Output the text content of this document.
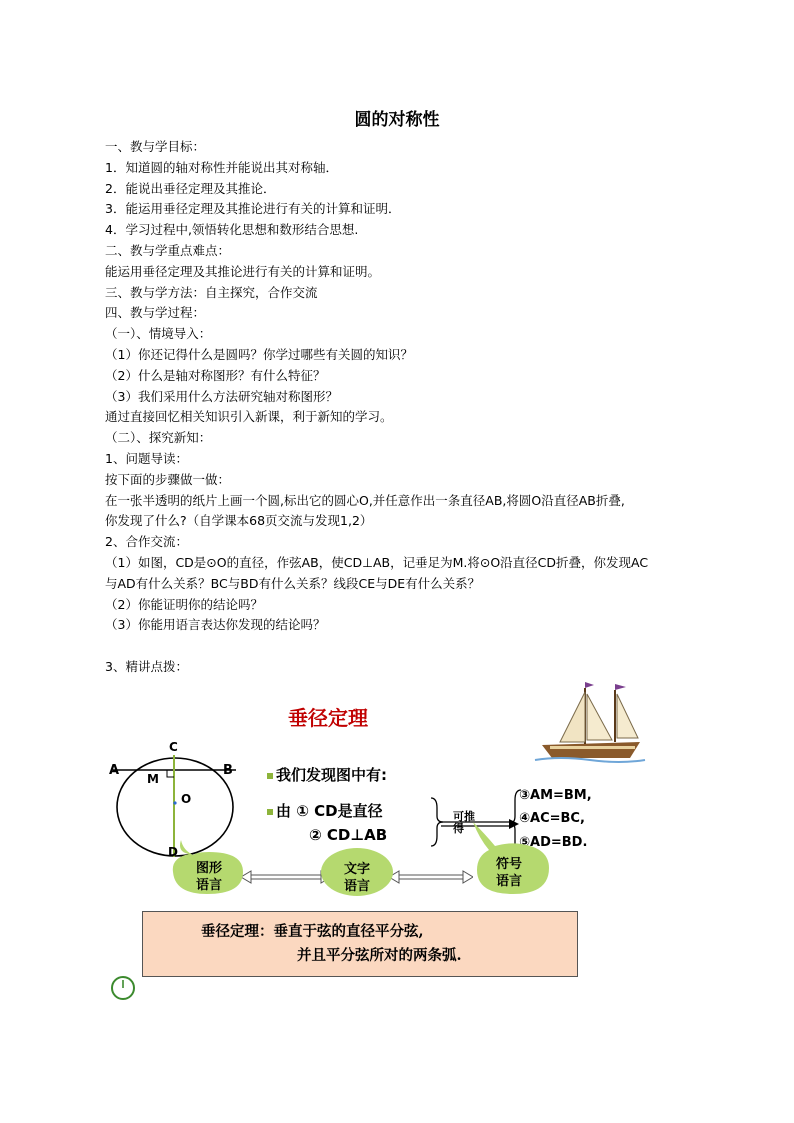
圆的对称性
一、教与学目标：
1．知道圆的轴对称性并能说出其对称轴．
2．能说出垂径定理及其推论．
3．能运用垂径定理及其推论进行有关的计算和证明．
4．学习过程中,领悟转化思想和数形结合思想.
二、教与学重点难点：
能运用垂径定理及其推论进行有关的计算和证明。
三、教与学方法：自主探究，合作交流
四、教与学过程：
（一）、情境导入：
（1）你还记得什么是圆吗？你学过哪些有关圆的知识？
（2）什么是轴对称图形？有什么特征？
（3）我们采用什么方法研究轴对称图形？
通过直接回忆相关知识引入新课，利于新知的学习。
（二）、探究新知：
1、问题导读：
按下面的步骤做一做：
在一张半透明的纸片上画一个圆,标出它的圆心O,并任意作出一条直径AB,将圆O沿直径AB折叠,
你发现了什么?（自学课本68页交流与发现1,2）
2、合作交流：
（1）如图，CD是⊙O的直径，作弦AB，使CD⊥AB，记垂足为M.将⊙O沿直径CD折叠，你发现AC
与AD有什么关系？BC与BD有什么关系？线段CE与DE有什么关系？
（2）你能证明你的结论吗？
（3）你能用语言表达你发现的结论吗？
3、精讲点拨：
垂径定理
A	B
C
D
M
O
我们发现图中有:
由 ① CD是直径
② CD⊥AB
可推
得
③AM=BM,
④AC=BC,
⑤AD=BD.
图形
语言
文字
语言
符号
语言
垂径定理：垂直于弦的直径平分弦,
并且平分弦所对的两条弧.
